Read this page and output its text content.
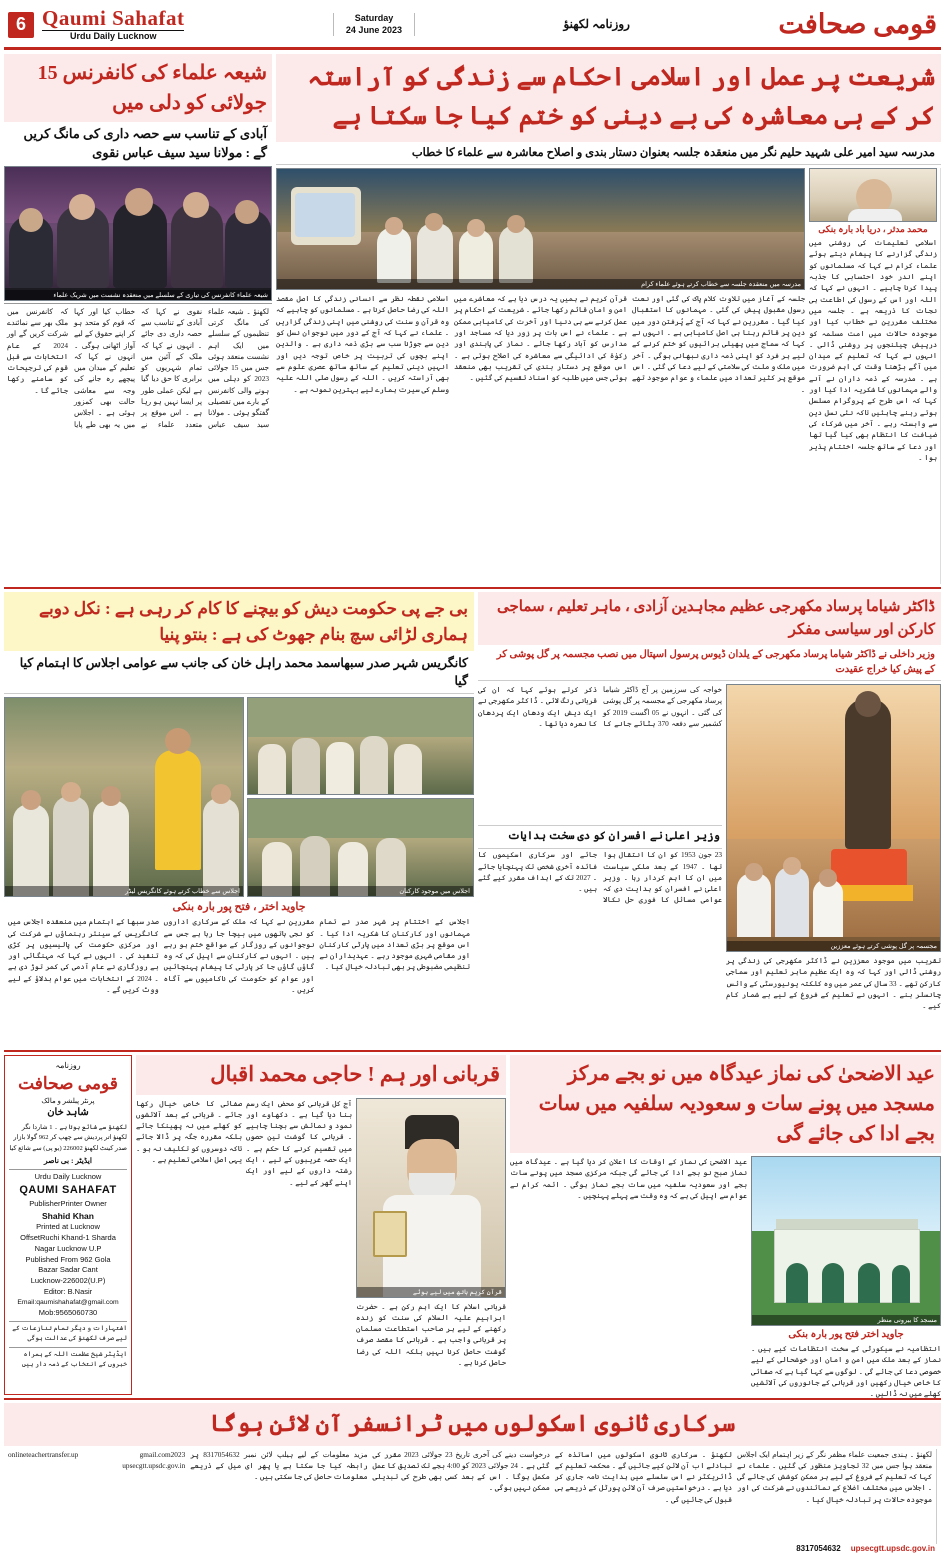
6 Qaumi Sahafat
Urdu Daily Lucknow
Saturday
24 June 2023	روزنامہ لکھنؤ	قومی صحافت
شیعہ علماء کی کانفرنس 15 جولائی کو دلی میں
آبادی کے تناسب سے حصہ داری کی مانگ کریں گے : مولانا سید سیف عباس نقوی
شیعہ علماء کانفرنس کی تیاری کے سلسلے میں منعقدہ نشست میں شریک علماء
لکھنؤ ۔ شیعہ علماء کی مانگ کرتی تنظیموں کے سلسلے میں ایک اہم نشست منعقد ہوئی جس میں 15 جولائی 2023 کو دہلی میں ہونے والی کانفرنس کے بارے میں تفصیلی گفتگو ہوئی ۔ مولانا سید سیف عباس نقوی نے کہا کہ آبادی کے تناسب سے حصہ داری دی جائے ۔ انہوں نے کہا کہ ملک کے آئین میں تمام شہریوں کو برابری کا حق دیا گیا ہے لیکن عملی طور پر ایسا نہیں ہو رہا ہے ۔ اس موقع پر متعدد علماء نے خطاب کیا اور کہا کہ قوم کو متحد ہو کر اپنے حقوق کے لیے آواز اٹھانی ہوگی ۔ انہوں نے کہا کہ تعلیم کے میدان میں پیچھے رہ جانے کی وجہ سے معاشی حالت بھی کمزور ہوئی ہے ۔ اجلاس میں یہ بھی طے پایا کہ کانفرنس میں ملک بھر سے نمائندے شرکت کریں گے اور 2024 کے عام انتخابات سے قبل قوم کی ترجیحات کو سامنے رکھا جائے گا ۔
شریعت پر عمل اور اسلامی احکام سے زندگی کو آراستہ کر کے ہی معاشرہ کی بے دینی کو ختم کیا جا سکتا ہے
مدرسہ سید امیر علی شہید حلیم نگر میں منعقدہ جلسہ بعنوان دستار بندی و اصلاح معاشرہ سے علماء کا خطاب
مدرسہ میں منعقدہ جلسہ سے خطاب کرتے ہوئے علماء کرام
اسلامی نقطہ نظر سے انسانی زندگی کا اصل مقصد اللہ کی رضا حاصل کرنا ہے ۔ مسلمانوں کو چاہیے کہ وہ قرآن و سنت کی روشنی میں اپنی زندگی گزاریں ۔ علماء نے کہا کہ آج کے دور میں نوجوان نسل کو دین سے جوڑنا سب سے بڑی ذمہ داری ہے ۔ والدین اپنے بچوں کی تربیت پر خاص توجہ دیں اور انہیں دینی تعلیم کے ساتھ ساتھ عصری علوم سے بھی آراستہ کریں ۔ اللہ کے رسول صلی اللہ علیہ وسلم کی سیرت ہمارے لیے بہترین نمونہ ہے ۔
قرآن کریم نے ہمیں یہ درس دیا ہے کہ معاشرے میں امن و امان قائم رکھا جائے ۔ شریعت کے احکام پر عمل کرنے سے ہی دنیا اور آخرت کی کامیابی ممکن ہے ۔ علماء نے اس بات پر زور دیا کہ مساجد اور مدارس کو آباد رکھا جائے ۔ نماز کی پابندی اور زکوٰۃ کی ادائیگی سے معاشرہ کی اصلاح ہوتی ہے ۔ اس موقع پر دستار بندی کی تقریب بھی منعقد ہوئی جس میں طلبہ کو اسناد تقسیم کی گئیں ۔
جلسہ کے آغاز میں تلاوت کلام پاک کی گئی اور نعت رسول مقبول پیش کی گئی ۔ مہمانوں کا استقبال کیا گیا ۔ مقررین نے کہا کہ آج کے پُرفتن دور میں دین پر قائم رہنا ہی اصل کامیابی ہے ۔ انہوں نے کہا کہ سماج میں پھیلی برائیوں کو ختم کرنے کے لیے ہر فرد کو اپنی ذمہ داری نبھانی ہوگی ۔ آخر میں ملک و ملت کی سلامتی کے لیے دعا کی گئی ۔ اس موقع پر کثیر تعداد میں علماء و عوام موجود تھے ۔
محمد مدثر ، دریا باد بارہ بنکی
اسلامی تعلیمات کی روشنی میں زندگی گزارنے کا پیغام دیتے ہوئے علماء کرام نے کہا کہ مسلمانوں کو اپنے اندر خود احتسابی کا جذبہ پیدا کرنا چاہیے ۔ انہوں نے کہا کہ اللہ اور اس کے رسول کی اطاعت ہی نجات کا ذریعہ ہے ۔ جلسہ میں مختلف مقررین نے خطاب کیا اور موجودہ حالات میں امت مسلمہ کو درپیش چیلنجوں پر روشنی ڈالی ۔ انہوں نے کہا کہ تعلیم کے میدان میں آگے بڑھنا وقت کی اہم ضرورت ہے ۔ مدرسہ کے ذمہ داران نے آنے والے مہمانوں کا شکریہ ادا کیا اور کہا کہ اس طرح کے پروگرام مسلسل ہوتے رہنے چاہئیں تاکہ نئی نسل دین سے وابستہ رہے ۔ آخر میں شرکاء کی ضیافت کا انتظام بھی کیا گیا تھا اور دعا کے ساتھ جلسہ اختتام پذیر ہوا ۔
بی جے پی حکومت دیش کو بیچنے کا کام کر رہی ہے : نکل دوبے
ہماری لڑائی سچ بنام جھوٹ کی ہے : بنتو پنیا
کانگریس شہر صدر سبھاسمد محمد راہل خان کی جانب سے عوامی اجلاس کا اہتمام کیا گیا
اجلاس سے خطاب کرتے ہوئے کانگریس لیڈر	اجلاس میں موجود کارکنان
جاوید اختر ، فتح پور بارہ بنکی
صدر سبھا کے اہتمام میں منعقدہ اجلاس میں کانگریس کے سینئر رہنماؤں نے شرکت کی اور مرکزی حکومت کی پالیسیوں پر کڑی تنقید کی ۔ انہوں نے کہا کہ مہنگائی اور بے روزگاری نے عام آدمی کی کمر توڑ دی ہے ۔ 2024 کے انتخابات میں عوام بدلاؤ کے لیے ووٹ کریں گے ۔
مقررین نے کہا کہ ملک کے سرکاری اداروں کو نجی ہاتھوں میں بیچا جا رہا ہے جس سے نوجوانوں کے روزگار کے مواقع ختم ہو رہے ہیں ۔ انہوں نے کارکنان سے اپیل کی کہ وہ گاؤں گاؤں جا کر پارٹی کا پیغام پہنچائیں اور عوام کو حکومت کی ناکامیوں سے آگاہ کریں ۔
اجلاس کے اختتام پر شہر صدر نے تمام مہمانوں اور کارکنان کا شکریہ ادا کیا ۔ اس موقع پر بڑی تعداد میں پارٹی کارکنان اور مقامی شہری موجود رہے ۔ عہدیداران نے تنظیمی مضبوطی پر بھی تبادلہ خیال کیا ۔
ڈاکٹر شیاما پرساد مکھرجی عظیم مجاہدین آزادی ، ماہر تعلیم ، سماجی کارکن اور سیاسی مفکر
وزیر داخلی نے ڈاکٹر شیاما پرساد مکھرجی کے یلدان ڈیوس پرسول اسپتال میں نصب مجسمہ پر گل پوشی کر کے پیش کیا خراج عقیدت
خواجہ کی سرزمین پر آج ڈاکٹر شیاما پرساد مکھرجی کے مجسمہ پر گل پوشی کی گئی ۔ انہوں نے 05 اگست 2019 کو کشمیر سے دفعہ 370 ہٹائے جانے کا ذکر کرتے ہوئے کہا کہ ان کی قربانی رنگ لائی ۔ ڈاکٹر مکھرجی نے ایک دیش ایک ودھان ایک پردھان کا نعرہ دیا تھا ۔
وزیر اعلیٰ نے افسران کو دی سخت ہدایات
23 جون 1953 کو ان کا انتقال ہوا تھا ۔ 1947 کے بعد ملکی سیاست میں ان کا اہم کردار رہا ۔ وزیر اعلیٰ نے افسران کو ہدایت دی کہ عوامی مسائل کا فوری حل نکالا جائے اور سرکاری اسکیموں کا فائدہ آخری شخص تک پہنچایا جائے ۔ 2027 تک کے اہداف مقرر کیے گئے ہیں ۔
مجسمہ پر گل پوشی کرتے ہوئے معززین
تقریب میں موجود معززین نے ڈاکٹر مکھرجی کی زندگی پر روشنی ڈالی اور کہا کہ وہ ایک عظیم ماہر تعلیم اور سماجی کارکن تھے ۔ 33 سال کی عمر میں وہ کلکتہ یونیورسٹی کے وائس چانسلر بنے ۔ انہوں نے تعلیم کے فروغ کے لیے بے شمار کام کیے ۔
روزنامہ
قومی صحافت
پرنٹر پبلشر و مالک
شاہد خان
لکھنؤ سے شائع ہوتا ہے ۔ 1 شاردا نگر لکھنؤ اتر پردیش سے چھپ کر 962 گولا بازار صدر کینٹ لکھنؤ 226002 (یو پی) سے شائع کیا
ایڈیٹر : بی ناصر
Urdu Daily Lucknow
QAUMI SAHAFAT
PublisherPrinter Owner
Shahid Khan
Printed at Lucknow
OffsetRuchi Khand-1 Sharda
Nagar Lucknow U.P
Published From 962 Gola
Bazar Sadar Cant
Lucknow-226002(U.P)
Editor: B.Nasir
Email:qaumishahafat@gmail.com
Mob:9565060730
اشتہارات و دیگر تمام تنازعات کے لیے صرف لکھنؤ کی عدالت ہوگی
ایڈیٹر شیخ عظمت اللہ کے ہمراہ خبروں کے انتخاب کے ذمہ دار ہیں
قربانی اور ہم ! حاجی محمد اقبال
صفائی کا خاص خیال رکھا جائے ۔ قربانی کے بعد آلائشوں کو کھلے میں نہ پھینکا جائے بلکہ مقررہ جگہ پر ڈالا جائے تاکہ دوسروں کو تکلیف نہ ہو ۔ یہی اصل اسلامی تعلیم ہے ۔
آج کل قربانی کو محض ایک رسم بنا دیا گیا ہے ۔ دکھاوے اور نمود و نمائش سے بچنا چاہیے ۔ قربانی کا گوشت تین حصوں میں تقسیم کرنے کا حکم ہے ۔ ایک حصہ غریبوں کے لیے ، ایک رشتہ داروں کے لیے اور ایک اپنے گھر کے لیے ۔
قرآن کریم ہاتھ میں لیے ہوئے
قربانی اسلام کا ایک اہم رکن ہے ۔ حضرت ابراہیم علیہ السلام کی سنت کو زندہ رکھنے کے لیے ہر صاحب استطاعت مسلمان پر قربانی واجب ہے ۔ قربانی کا مقصد صرف گوشت حاصل کرنا نہیں بلکہ اللہ کی رضا حاصل کرنا ہے ۔
عید الاضحیٰ کی نماز عیدگاہ میں نو بجے مرکز مسجد میں پونے سات و سعودیہ سلفیہ میں سات بجے ادا کی جائے گی
عید الاضحیٰ کی نماز کے اوقات کا اعلان کر دیا گیا ہے ۔ عیدگاہ میں نماز صبح نو بجے ادا کی جائے گی جبکہ مرکزی مسجد میں پونے سات بجے اور سعودیہ سلفیہ میں سات بجے نماز ہوگی ۔ ائمہ کرام نے عوام سے اپیل کی ہے کہ وہ وقت سے پہلے پہنچیں ۔
مسجد کا بیرونی منظر
جاوید اختر فتح پور بارہ بنکی
انتظامیہ نے سیکورٹی کے سخت انتظامات کیے ہیں ۔ نماز کے بعد ملک میں امن و امان اور خوشحالی کے لیے خصوصی دعا کی جائے گی ۔ لوگوں سے کہا گیا ہے کہ صفائی کا خاص خیال رکھیں اور قربانی کے جانوروں کی آلائشیں کھلے میں نہ ڈالیں ۔
سرکاری ثانوی اسکولوں میں ٹرانسفر آن لائن ہوگا
onlineteachertransfer.up gmail.com2023 upsecgtt.upsdc.gov.in
مزید معلومات کے لیے ہیلپ لائن نمبر 8317054632 پر رابطہ کیا جا سکتا ہے یا پھر ای میل کے ذریعے معلومات حاصل کی جا سکتی ہیں ۔
درخواست دینے کی آخری تاریخ 23 جولائی 2023 مقرر کی گئی ہے ۔ 24 جولائی 2023 کو 4:00 بجے تک تصدیق کا عمل مکمل ہوگا ۔ اس کے بعد کسی بھی طرح کی تبدیلی ممکن نہیں ہوگی ۔
لکھنؤ ۔ سرکاری ثانوی اسکولوں میں اساتذہ کے تبادلے اب آن لائن کیے جائیں گے ۔ محکمہ تعلیم کے ڈائریکٹر نے اس سلسلے میں ہدایت نامہ جاری کر دیا ہے ۔ درخواستیں صرف آن لائن پورٹل کے ذریعے ہی قبول کی جائیں گی ۔
لکھنؤ ۔ ہندی جمعیت علماء مظفر نگر کے زیر اہتمام ایک اجلاس منعقد ہوا جس میں 32 تجاویز منظور کی گئیں ۔ علماء نے کہا کہ تعلیم کے فروغ کے لیے ہر ممکن کوشش کی جائے گی ۔ اجلاس میں مختلف اضلاع کے نمائندوں نے شرکت کی اور موجودہ حالات پر تبادلہ خیال کیا ۔
upsecgtt.upsdc.gov.in
8317054632
